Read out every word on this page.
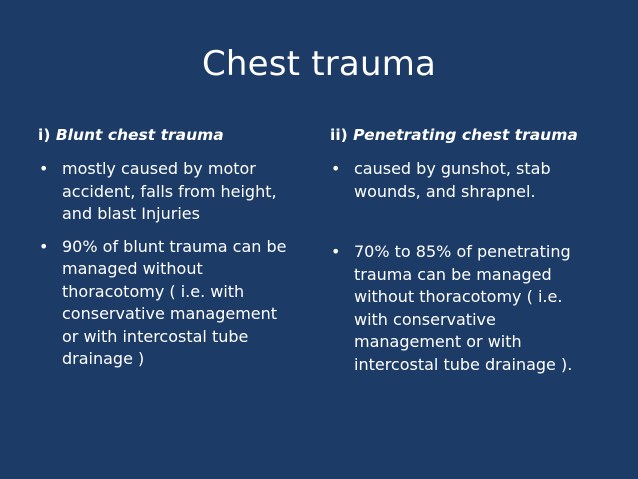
Chest trauma

i) Blunt chest trauma

• mostly caused by motor
accident, falls from height,
and blast Injuries
• 90% of blunt trauma can be
managed without
thoracotomy ( i.e. with
conservative management
or with intercostal tube
drainage )

ii) Penetrating chest trauma

• caused by gunshot, stab
wounds, and shrapnel.
• 70% to 85% of penetrating
trauma can be managed
without thoracotomy ( i.e.
with conservative
management or with
intercostal tube drainage ).
